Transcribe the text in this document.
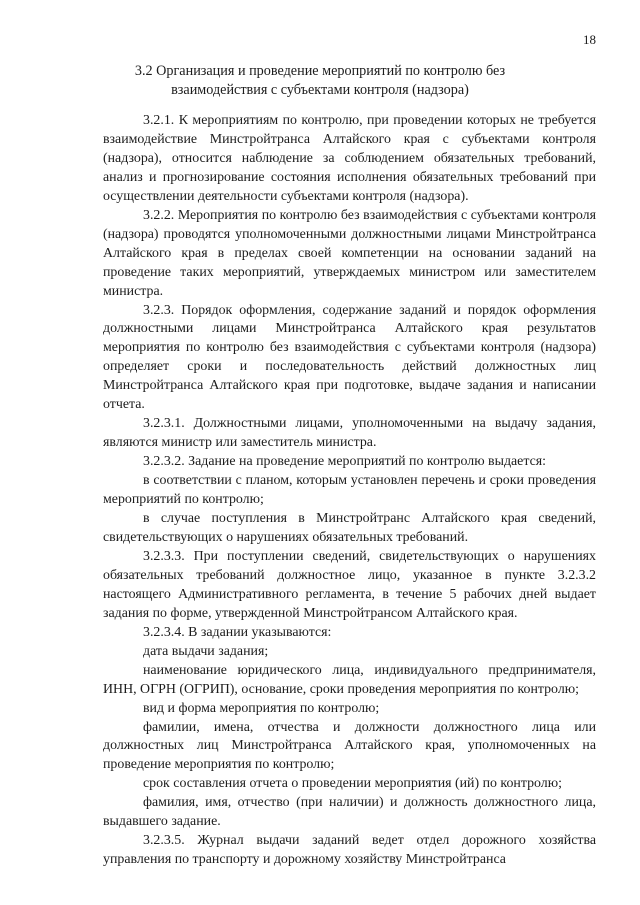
18
3.2 Организация и проведение мероприятий по контролю без
взаимодействия с субъектами контроля (надзора)

3.2.1. К мероприятиям по контролю, при проведении которых не требуется взаимодействие Минстройтранса Алтайского края с субъектами контроля (надзора), относится наблюдение за соблюдением обязательных требований, анализ и прогнозирование состояния исполнения обязательных требований при осуществлении деятельности субъектами контроля (надзора).

3.2.2. Мероприятия по контролю без взаимодействия с субъектами контроля (надзора) проводятся уполномоченными должностными лицами Минстройтранса Алтайского края в пределах своей компетенции на основании заданий на проведение таких мероприятий, утверждаемых министром или заместителем министра.

3.2.3. Порядок оформления, содержание заданий и порядок оформления должностными лицами Минстройтранса Алтайского края результатов мероприятия по контролю без взаимодействия с субъектами контроля (надзора) определяет сроки и последовательность действий должностных лиц Минстройтранса Алтайского края при подготовке, выдаче задания и написании отчета.

3.2.3.1. Должностными лицами, уполномоченными на выдачу задания, являются министр или заместитель министра.

3.2.3.2. Задание на проведение мероприятий по контролю выдается:

в соответствии с планом, которым установлен перечень и сроки проведения мероприятий по контролю;

в случае поступления в Минстройтранс Алтайского края сведений, свидетельствующих о нарушениях обязательных требований.

3.2.3.3. При поступлении сведений, свидетельствующих о нарушениях обязательных требований должностное лицо, указанное в пункте 3.2.3.2 настоящего Административного регламента, в течение 5 рабочих дней выдает задания по форме, утвержденной Минстройтрансом Алтайского края.

3.2.3.4. В задании указываются:

дата выдачи задания;

наименование юридического лица, индивидуального предпринимателя, ИНН, ОГРН (ОГРИП), основание, сроки проведения мероприятия по контролю;

вид и форма мероприятия по контролю;

фамилии, имена, отчества и должности должностного лица или должностных лиц Минстройтранса Алтайского края, уполномоченных на проведение мероприятия по контролю;

срок составления отчета о проведении мероприятия (ий) по контролю;

фамилия, имя, отчество (при наличии) и должность должностного лица, выдавшего задание.

3.2.3.5. Журнал выдачи заданий ведет отдел дорожного хозяйства управления по транспорту и дорожному хозяйству Минстройтранса
